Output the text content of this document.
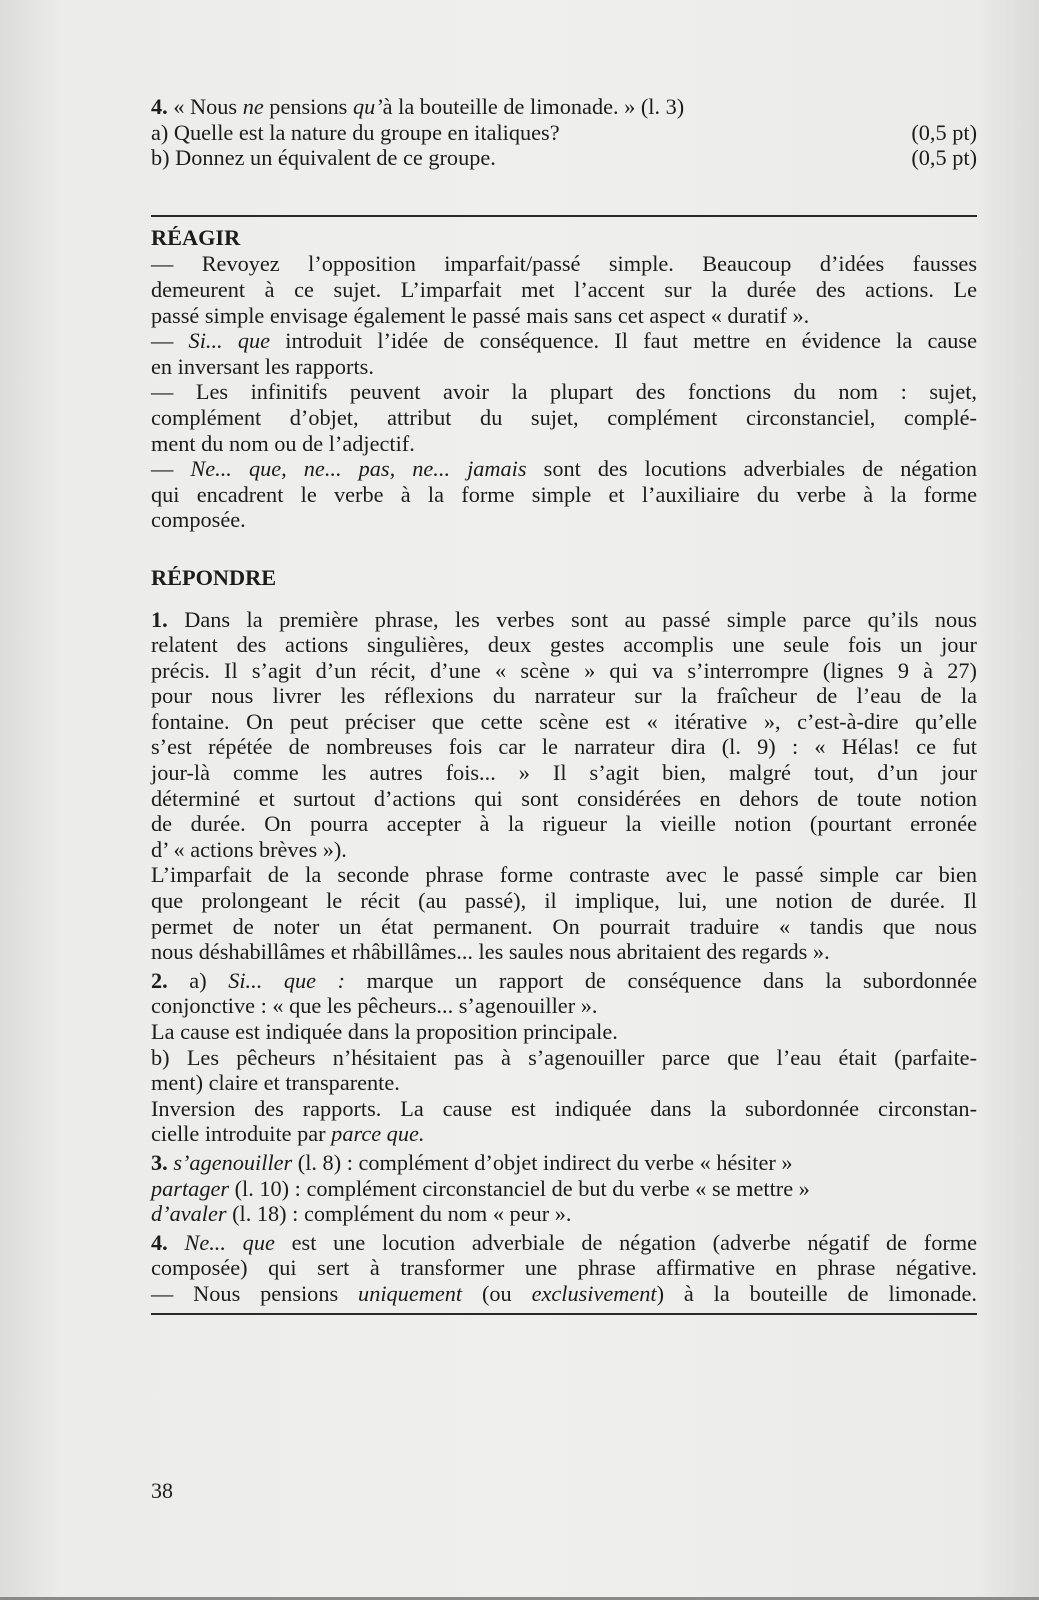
4. « Nous ne pensions qu’à la bouteille de limonade. » (l. 3)
a) Quelle est la nature du groupe en italiques?	(0,5 pt)
b) Donnez un équivalent de ce groupe.	(0,5 pt)
RÉAGIR
— Revoyez l’opposition imparfait/passé simple. Beaucoup d’idées fausses
demeurent à ce sujet. L’imparfait met l’accent sur la durée des actions. Le
passé simple envisage également le passé mais sans cet aspect « duratif ».
— Si... que introduit l’idée de conséquence. Il faut mettre en évidence la cause
en inversant les rapports.
— Les infinitifs peuvent avoir la plupart des fonctions du nom : sujet,
complément d’objet, attribut du sujet, complément circonstanciel, complé-
ment du nom ou de l’adjectif.
— Ne... que, ne... pas, ne... jamais sont des locutions adverbiales de négation
qui encadrent le verbe à la forme simple et l’auxiliaire du verbe à la forme
composée.
RÉPONDRE
1. Dans la première phrase, les verbes sont au passé simple parce qu’ils nous
relatent des actions singulières, deux gestes accomplis une seule fois un jour
précis. Il s’agit d’un récit, d’une « scène » qui va s’interrompre (lignes 9 à 27)
pour nous livrer les réflexions du narrateur sur la fraîcheur de l’eau de la
fontaine. On peut préciser que cette scène est « itérative », c’est-à-dire qu’elle
s’est répétée de nombreuses fois car le narrateur dira (l. 9) : « Hélas! ce fut
jour-là comme les autres fois... » Il s’agit bien, malgré tout, d’un jour
déterminé et surtout d’actions qui sont considérées en dehors de toute notion
de durée. On pourra accepter à la rigueur la vieille notion (pourtant erronée
d’ « actions brèves »).
L’imparfait de la seconde phrase forme contraste avec le passé simple car bien
que prolongeant le récit (au passé), il implique, lui, une notion de durée. Il
permet de noter un état permanent. On pourrait traduire « tandis que nous
nous déshabillâmes et rhâbillâmes... les saules nous abritaient des regards ».
2. a) Si... que : marque un rapport de conséquence dans la subordonnée
conjonctive : « que les pêcheurs... s’agenouiller ».
La cause est indiquée dans la proposition principale.
b) Les pêcheurs n’hésitaient pas à s’agenouiller parce que l’eau était (parfaite-
ment) claire et transparente.
Inversion des rapports. La cause est indiquée dans la subordonnée circonstan-
cielle introduite par parce que.
3. s’agenouiller (l. 8) : complément d’objet indirect du verbe « hésiter »
partager (l. 10) : complément circonstanciel de but du verbe « se mettre »
d’avaler (l. 18) : complément du nom « peur ».
4. Ne... que est une locution adverbiale de négation (adverbe négatif de forme
composée) qui sert à transformer une phrase affirmative en phrase négative.
— Nous pensions uniquement (ou exclusivement) à la bouteille de limonade.
38
